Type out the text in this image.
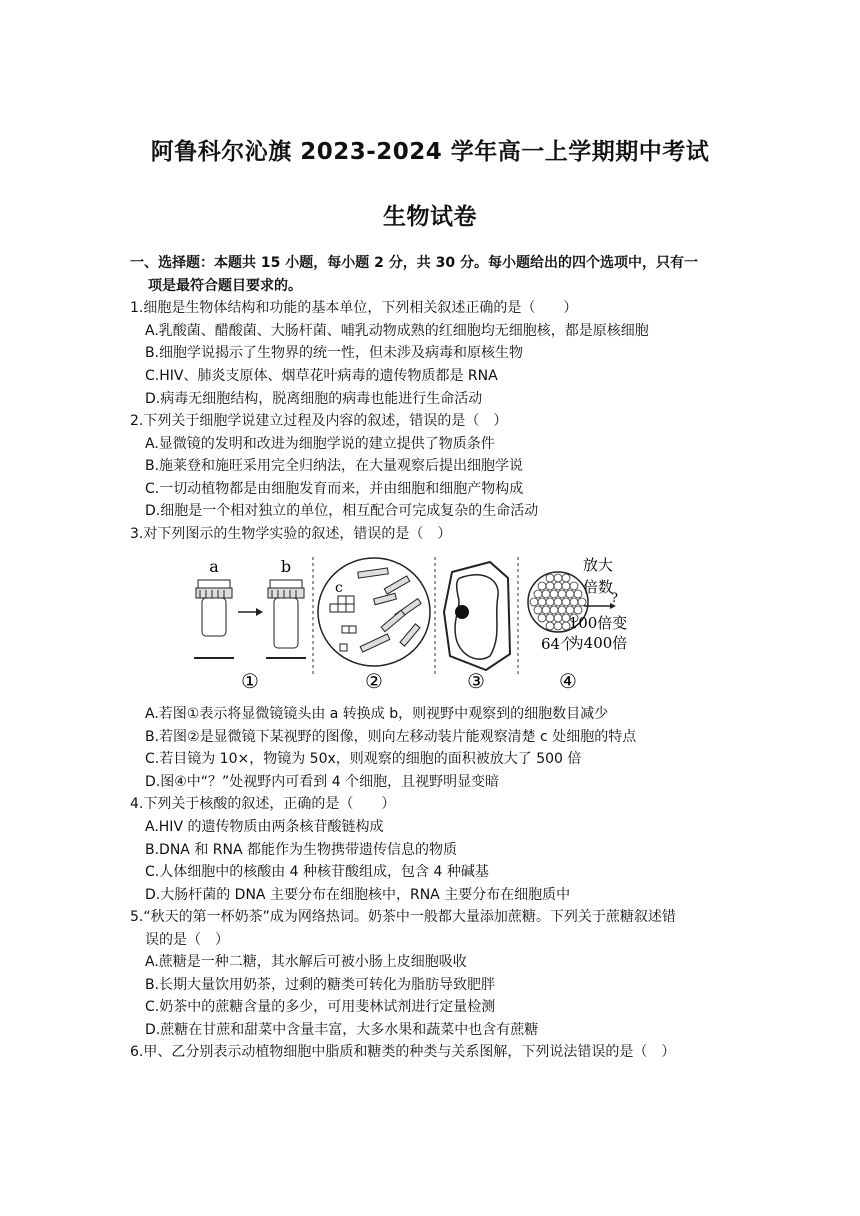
阿鲁科尔沁旗 2023-2024 学年高一上学期期中考试
生物试卷
一、选择题：本题共 15 小题，每小题 2 分，共 30 分。每小题给出的四个选项中，只有一
项是最符合题目要求的。
1.细胞是生物体结构和功能的基本单位，下列相关叙述正确的是（　　）
A.乳酸菌、醋酸菌、大肠杆菌、哺乳动物成熟的红细胞均无细胞核，都是原核细胞
B.细胞学说揭示了生物界的统一性，但未涉及病毒和原核生物
C.HIV、肺炎支原体、烟草花叶病毒的遗传物质都是 RNA
D.病毒无细胞结构，脱离细胞的病毒也能进行生命活动
2.下列关于细胞学说建立过程及内容的叙述，错误的是（　）
A.显微镜的发明和改进为细胞学说的建立提供了物质条件
B.施莱登和施旺采用完全归纳法，在大量观察后提出细胞学说
C.一切动植物都是由细胞发育而来，并由细胞和细胞产物构成
D.细胞是一个相对独立的单位，相互配合可完成复杂的生命活动
3.对下列图示的生物学实验的叙述，错误的是（　）
a	b
c
放大
倍数
?
100倍变
为400倍
64个
①	②	③	④
A.若图①表示将显微镜镜头由 a 转换成 b，则视野中观察到的细胞数目减少
B.若图②是显微镜下某视野的图像，则向左移动装片能观察清楚 c 处细胞的特点
C.若目镜为 10×，物镜为 50x，则观察的细胞的面积被放大了 500 倍
D.图④中“？”处视野内可看到 4 个细胞，且视野明显变暗
4.下列关于核酸的叙述，正确的是（　　）
A.HIV 的遗传物质由两条核苷酸链构成
B.DNA 和 RNA 都能作为生物携带遗传信息的物质
C.人体细胞中的核酸由 4 种核苷酸组成，包含 4 种碱基
D.大肠杆菌的 DNA 主要分布在细胞核中，RNA 主要分布在细胞质中
5.“秋天的第一杯奶茶”成为网络热词。奶茶中一般都大量添加蔗糖。下列关于蔗糖叙述错
误的是（　）
A.蔗糖是一种二糖，其水解后可被小肠上皮细胞吸收
B.长期大量饮用奶茶，过剩的糖类可转化为脂肪导致肥胖
C.奶茶中的蔗糖含量的多少，可用斐林试剂进行定量检测
D.蔗糖在甘蔗和甜菜中含量丰富，大多水果和蔬菜中也含有蔗糖
6.甲、乙分别表示动植物细胞中脂质和糖类的种类与关系图解，下列说法错误的是（　）
